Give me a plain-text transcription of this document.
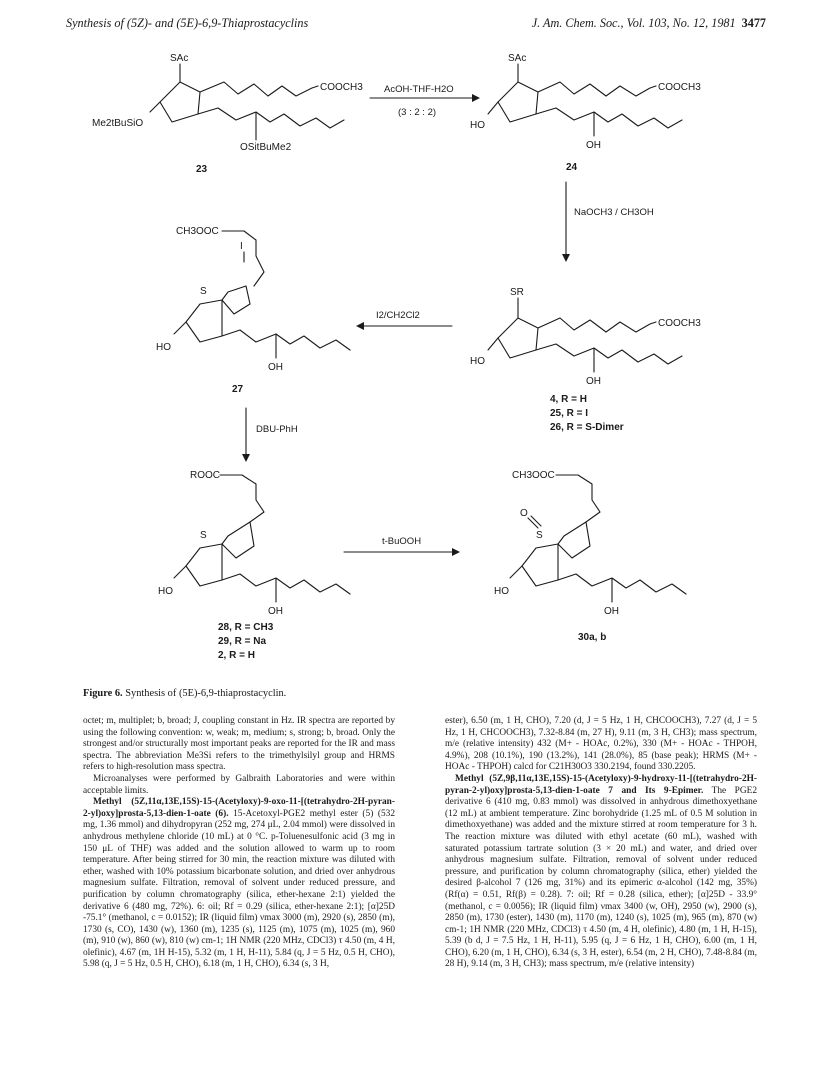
Synthesis of (5Z)- and (5E)-6,9-Thiaprostacyclins	J. Am. Chem. Soc., Vol. 103, No. 12, 1981 3477
SAc
COOCH3
Me2tBuSiO
OSitBuMe2
23
AcOH-THF-H2O
(3 : 2 : 2)
SAc
COOCH3
HO
OH
24
NaOCH3 / CH3OH
SR
COOCH3
HO
OH
4, R = H
25, R = I
26, R = S-Dimer
I2/CH2Cl2
CH3OOC
I
S
HO
OH
27
DBU-PhH
ROOC
S
HO
OH
28, R = CH3
29, R = Na
2, R = H
t-BuOOH
CH3OOC
S
O
HO
OH
30a, b
Figure 6. Synthesis of (5E)-6,9-thiaprostacyclin.

octet; m, multiplet; b, broad; J, coupling constant in Hz. IR spectra are reported by using the following convention: w, weak; m, medium; s, strong; b, broad. Only the strongest and/or structurally most important peaks are reported for the IR and mass spectra. The abbreviation Me3Si refers to the trimethylsilyl group and HRMS refers to high-resolution mass spectra.

Microanalyses were performed by Galbraith Laboratories and were within acceptable limits.

Methyl (5Z,11α,13E,15S)-15-(Acetyloxy)-9-oxo-11-[(tetrahydro-2H-pyran-2-yl)oxy]prosta-5,13-dien-1-oate (6). 15-Acetoxyl-PGE2 methyl ester (5) (532 mg, 1.36 mmol) and dihydropyran (252 mg, 274 μL, 2.04 mmol) were dissolved in anhydrous methylene chloride (10 mL) at 0 °C. p-Toluenesulfonic acid (3 mg in 150 μL of THF) was added and the solution allowed to warm up to room temperature. After being stirred for 30 min, the reaction mixture was diluted with ether, washed with 10% potassium bicarbonate solution, and dried over anhydrous magnesium sulfate. Filtration, removal of solvent under reduced pressure, and purification by column chromatography (silica, ether-hexane 2:1) yielded the derivative 6 (480 mg, 72%). 6: oil; Rf = 0.29 (silica, ether-hexane 2:1); [α]25D -75.1° (methanol, c = 0.0152); IR (liquid film) νmax 3000 (m), 2920 (s), 2850 (m), 1730 (s, CO), 1430 (w), 1360 (m), 1235 (s), 1125 (m), 1075 (m), 1025 (m), 960 (m), 910 (w), 860 (w), 810 (w) cm-1; 1H NMR (220 MHz, CDCl3) τ 4.50 (m, 4 H, olefinic), 4.67 (m, 1H H-15), 5.32 (m, 1 H, H-11), 5.84 (q, J = 5 Hz, 0.5 H, CHO), 5.98 (q, J = 5 Hz, 0.5 H, CHO), 6.18 (m, 1 H, CHO), 6.34 (s, 3 H,

ester), 6.50 (m, 1 H, CHO), 7.20 (d, J = 5 Hz, 1 H, CHCOOCH3), 7.27 (d, J = 5 Hz, 1 H, CHCOOCH3), 7.32-8.84 (m, 27 H), 9.11 (m, 3 H, CH3); mass spectrum, m/e (relative intensity) 432 (M+ - HOAc, 0.2%), 330 (M+ - HOAc - THPOH, 4.9%), 208 (10.1%), 190 (13.2%), 141 (28.0%), 85 (base peak); HRMS (M+ - HOAc - THPOH) calcd for C21H30O3 330.2194, found 330.2205.

Methyl (5Z,9β,11α,13E,15S)-15-(Acetyloxy)-9-hydroxy-11-[(tetrahydro-2H-pyran-2-yl)oxy]prosta-5,13-dien-1-oate 7 and Its 9-Epimer. The PGE2 derivative 6 (410 mg, 0.83 mmol) was dissolved in anhydrous dimethoxyethane (12 mL) at ambient temperature. Zinc borohydride (1.25 mL of 0.5 M solution in dimethoxyethane) was added and the mixture stirred at room temperature for 3 h. The reaction mixture was diluted with ethyl acetate (60 mL), washed with saturated potassium tartrate solution (3 × 20 mL) and water, and dried over anhydrous magnesium sulfate. Filtration, removal of solvent under reduced pressure, and purification by column chromatography (silica, ether) yielded the desired β-alcohol 7 (126 mg, 31%) and its epimeric α-alcohol (142 mg, 35%) (Rf(α) = 0.51, Rf(β) = 0.28). 7: oil; Rf = 0.28 (silica, ether); [α]25D - 33.9° (methanol, c = 0.0056); IR (liquid film) νmax 3400 (w, OH), 2950 (w), 2900 (s), 2850 (m), 1730 (ester), 1430 (m), 1170 (m), 1240 (s), 1025 (m), 965 (m), 870 (w) cm-1; 1H NMR (220 MHz, CDCl3) τ 4.50 (m, 4 H, olefinic), 4.80 (m, 1 H, H-15), 5.39 (b d, J = 7.5 Hz, 1 H, H-11), 5.95 (q, J = 6 Hz, 1 H, CHO), 6.00 (m, 1 H, CHO), 6.20 (m, 1 H, CHO), 6.34 (s, 3 H, ester), 6.54 (m, 2 H, CHO), 7.48-8.84 (m, 28 H), 9.14 (m, 3 H, CH3); mass spectrum, m/e (relative intensity)
